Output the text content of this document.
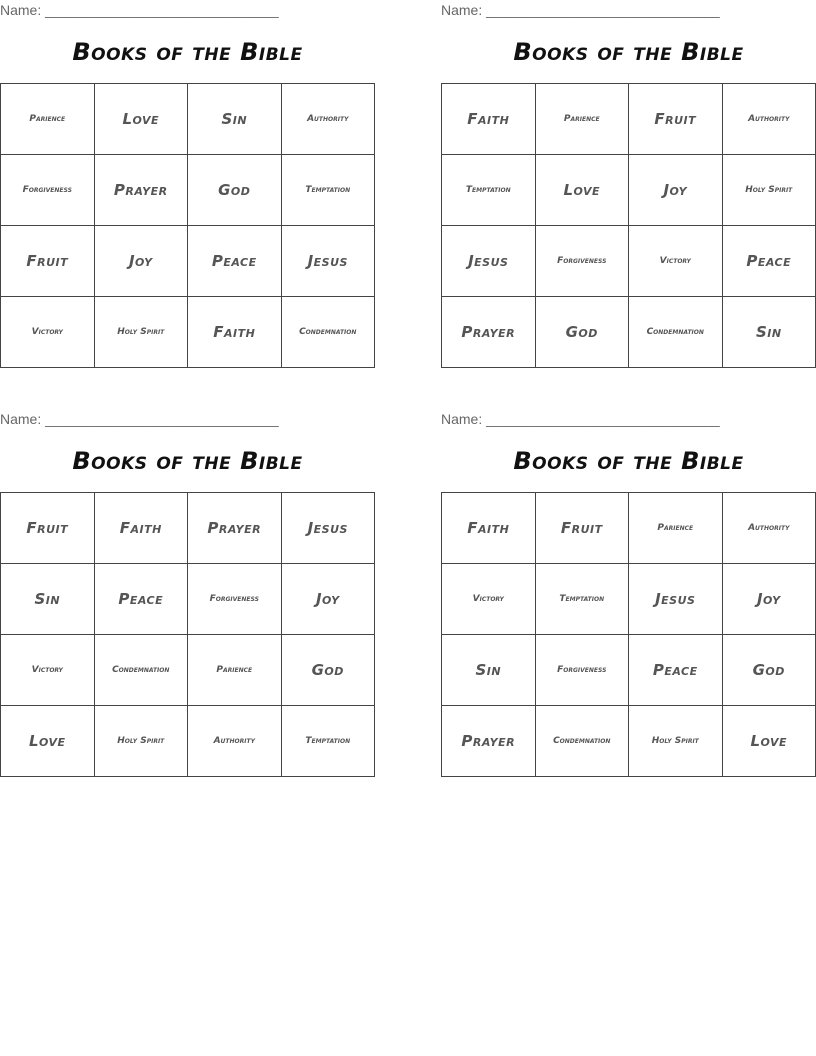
Name: ______________________________

Books of the Bible
Parience	Love	Sin	Authority
Forgiveness	Prayer	God	Temptation
Fruit	Joy	Peace	Jesus
Victory	Holy Spirit	Faith	Condemnation

Name: ______________________________

Books of the Bible
Faith	Parience	Fruit	Authority
Temptation	Love	Joy	Holy Spirit
Jesus	Forgiveness	Victory	Peace
Prayer	God	Condemnation	Sin

Name: ______________________________

Books of the Bible
Fruit	Faith	Prayer	Jesus
Sin	Peace	Forgiveness	Joy
Victory	Condemnation	Parience	God
Love	Holy Spirit	Authority	Temptation

Name: ______________________________

Books of the Bible
Faith	Fruit	Parience	Authority
Victory	Temptation	Jesus	Joy
Sin	Forgiveness	Peace	God
Prayer	Condemnation	Holy Spirit	Love
